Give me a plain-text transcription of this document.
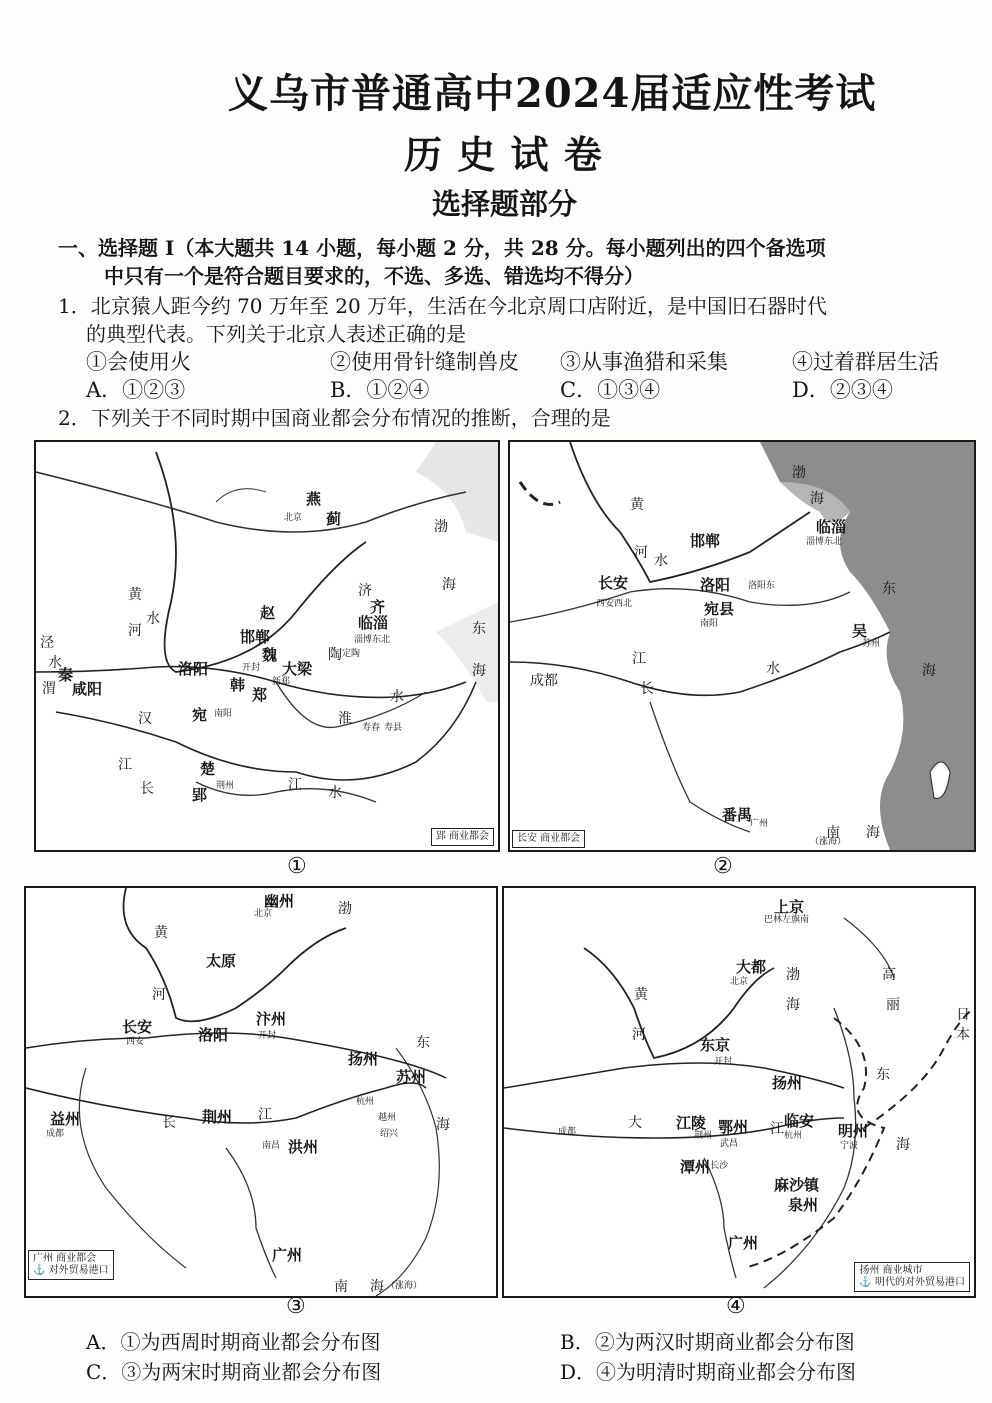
义乌市普通高中2024届适应性考试
历 史 试 卷
选择题部分
一、选择题 I（本大题共 14 小题，每小题 2 分，共 28 分。每小题列出的四个备选项
中只有一个是符合题目要求的，不选、多选、错选均不得分）
1．北京猿人距今约 70 万年至 20 万年，生活在今北京周口店附近，是中国旧石器时代
的典型代表。下列关于北京人表述正确的是
①会使用火	②使用骨针缝制兽皮 ③从事渔猎和采集	④过着群居生活
A．①②③	B．①②④	C．①③④	D．②③④
2．下列关于不同时期中国商业都会分布情况的推断，合理的是
燕
北京 蓟	渤
海
黄
河
水	赵
邯郸
济
齐
临淄
淄博东北
泾
水
渭
秦
咸阳
洛阳	开封
魏
大梁
陶 定陶
韩
郑
新郑
汉	宛 南阳	淮
水
寿春 寿县
东
海
江
长
楚
郢 荆州	江 水
郢 商业都会
①
渤
海
黄
河 水
邯郸
临淄
淄博东北
长安	洛阳 洛阳东
西安西北	宛县
南阳
成都
江
长
水
东
吴
苏州
海
番禺
广州
南 海
（涨海）
长安 商业都会
②
幽州
北京	渤
黄
河
太原
长安
西安	洛阳
汴州
开封	东
扬州
苏州
杭州
越州
绍兴
海
益州
成都
长 荆州 江
南昌 洪州
广州
南 海 （涨海）
广州 商业都会
⚓ 对外贸易港口
③
上京
巴林左旗南
大都
北京
黄
河
渤
海
东京
开封
扬州
成都
大 江陵
荆州 鄂州
武昌
临安
杭州 明州
宁波
潭州 长沙
麻沙镇
泉州
广州
高
丽
日
本
东
海
江
扬州 商业城市
⚓ 明代的对外贸易港口
④
A．①为西周时期商业都会分布图	B．②为两汉时期商业都会分布图
C．③为两宋时期商业都会分布图	D．④为明清时期商业都会分布图
